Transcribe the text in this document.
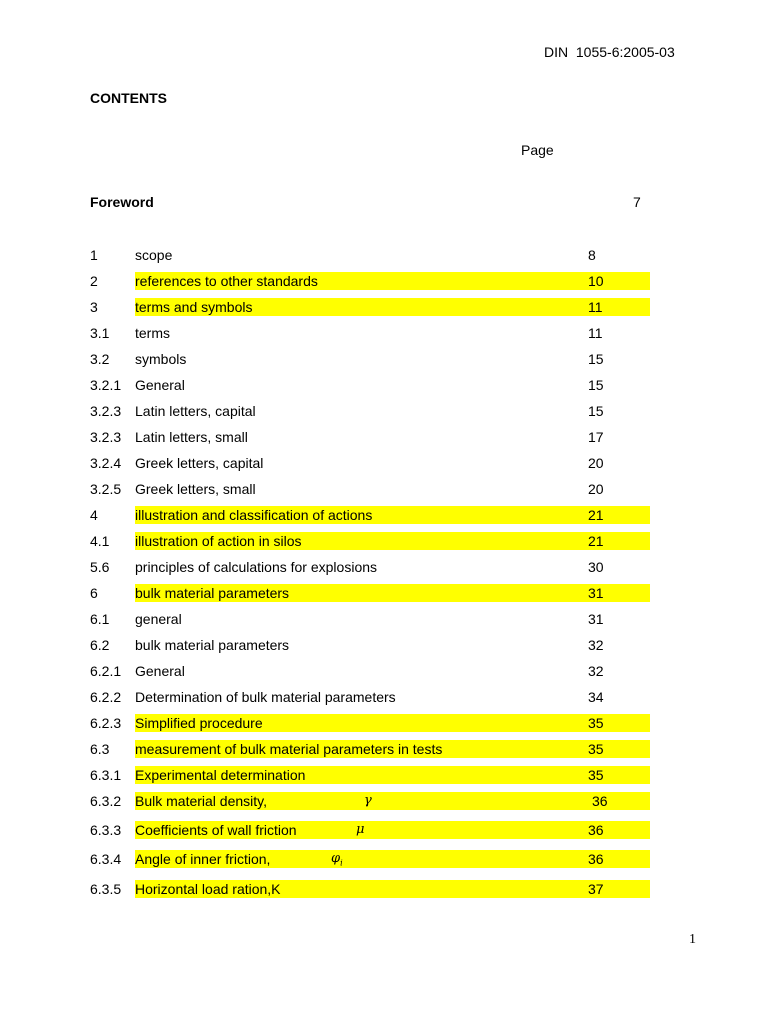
DIN  1055-6:2005-03
CONTENTS
Page
Foreword	7
1	scope	8
2	references to other standards	10
3	terms and symbols	11
3.1 terms	11
3.2 symbols	15
3.2.1 General	15
3.2.3 Latin letters, capital	15
3.2.3 Latin letters, small	17
3.2.4 Greek letters, capital	20
3.2.5 Greek letters, small	20
4	illustration and classification of actions	21
4.1 illustration of action in silos	21
5.6 principles of calculations for explosions	30
6	bulk material parameters	31
6.1 general	31
6.2 bulk material parameters	32
6.2.1 General	32
6.2.2 Determination of bulk material parameters	34
6.2.3 Simplified procedure	35
6.3 measurement of bulk material parameters in tests	35
6.3.1 Experimental determination	35
6.3.2 Bulk material density,	γ	36
6.3.3 Coefficients of wall friction	μ	36
6.3.4 Angle of inner friction,	$\varphi_i$	36
6.3.5 Horizontal load ration,K	37
1
